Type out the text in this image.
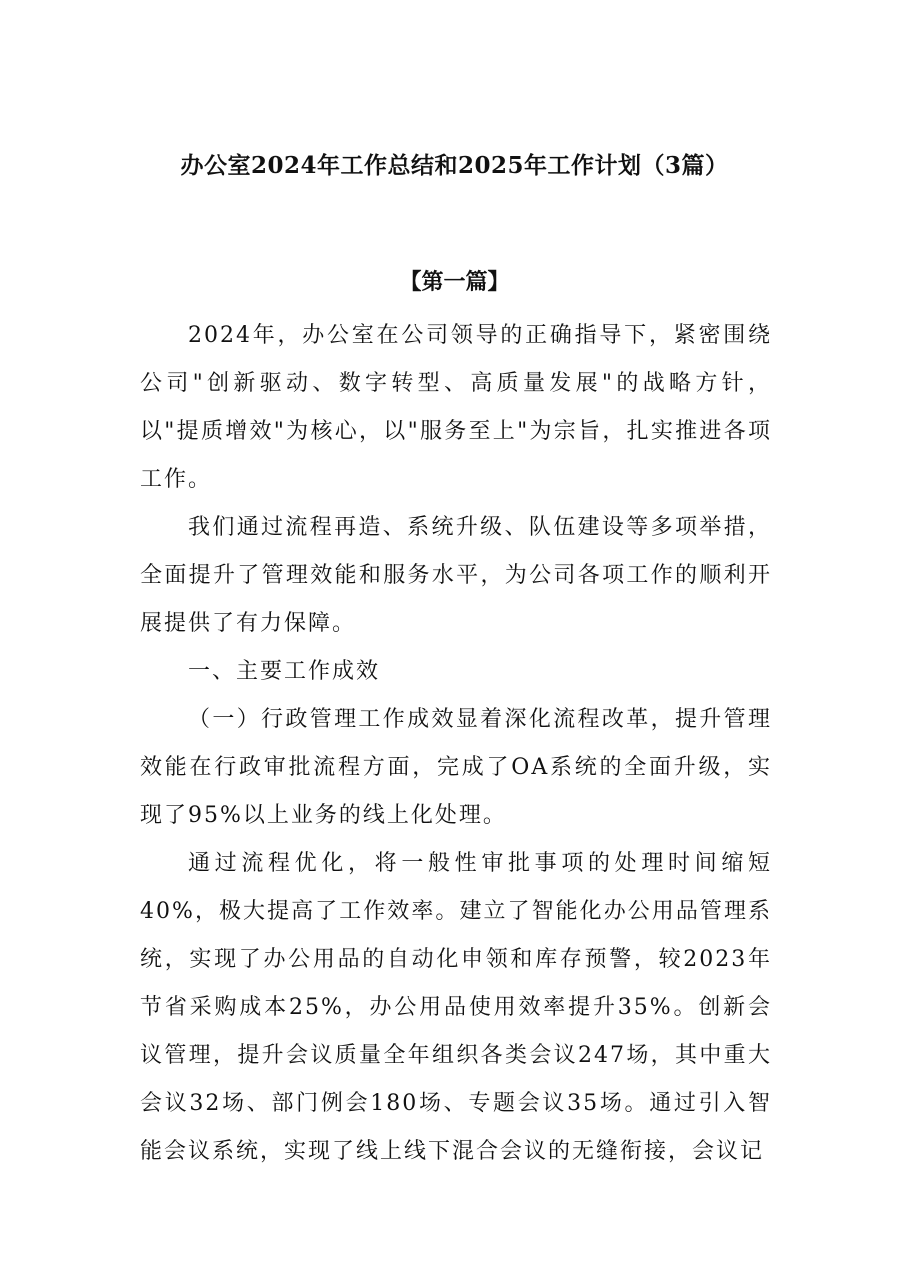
办公室2024年工作总结和2025年工作计划（3篇）
【第一篇】

2024年，办公室在公司领导的正确指导下，紧密围绕公司"创新驱动、数字转型、高质量发展"的战略方针，以"提质增效"为核心，以"服务至上"为宗旨，扎实推进各项工作。

我们通过流程再造、系统升级、队伍建设等多项举措，全面提升了管理效能和服务水平，为公司各项工作的顺利开展提供了有力保障。

一、主要工作成效

（一）行政管理工作成效显着深化流程改革，提升管理效能在行政审批流程方面，完成了OA系统的全面升级，实现了95%以上业务的线上化处理。

通过流程优化，将一般性审批事项的处理时间缩短40%，极大提高了工作效率。建立了智能化办公用品管理系统，实现了办公用品的自动化申领和库存预警，较2023年节省采购成本25%，办公用品使用效率提升35%。创新会议管理，提升会议质量全年组织各类会议247场，其中重大会议32场、部门例会180场、专题会议35场。通过引入智能会议系统，实现了线上线下混合会议的无缝衔接，会议记
